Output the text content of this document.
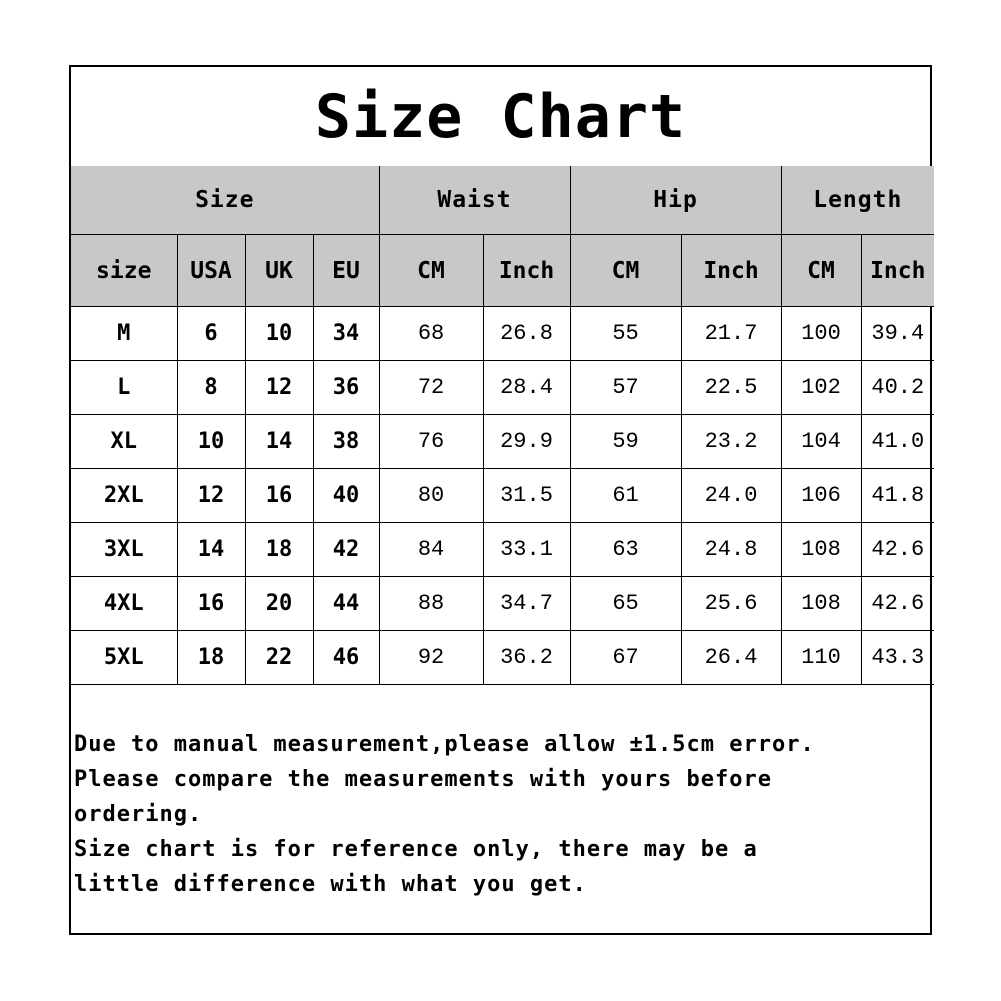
Size Chart
Size				Waist		Hip		Length	
size	USA	UK	EU	CM	Inch	CM	Inch	CM	Inch
M	6	10	34	68	26.8	55	21.7	100	39.4
L	8	12	36	72	28.4	57	22.5	102	40.2
XL	10	14	38	76	29.9	59	23.2	104	41.0
2XL	12	16	40	80	31.5	61	24.0	106	41.8
3XL	14	18	42	84	33.1	63	24.8	108	42.6
4XL	16	20	44	88	34.7	65	25.6	108	42.6
5XL	18	22	46	92	36.2	67	26.4	110	43.3

Due to manual measurement,please allow ±1.5cm error.

Please compare the measurements with yours before

ordering.

Size chart is for reference only, there may be a

little difference with what you get.
